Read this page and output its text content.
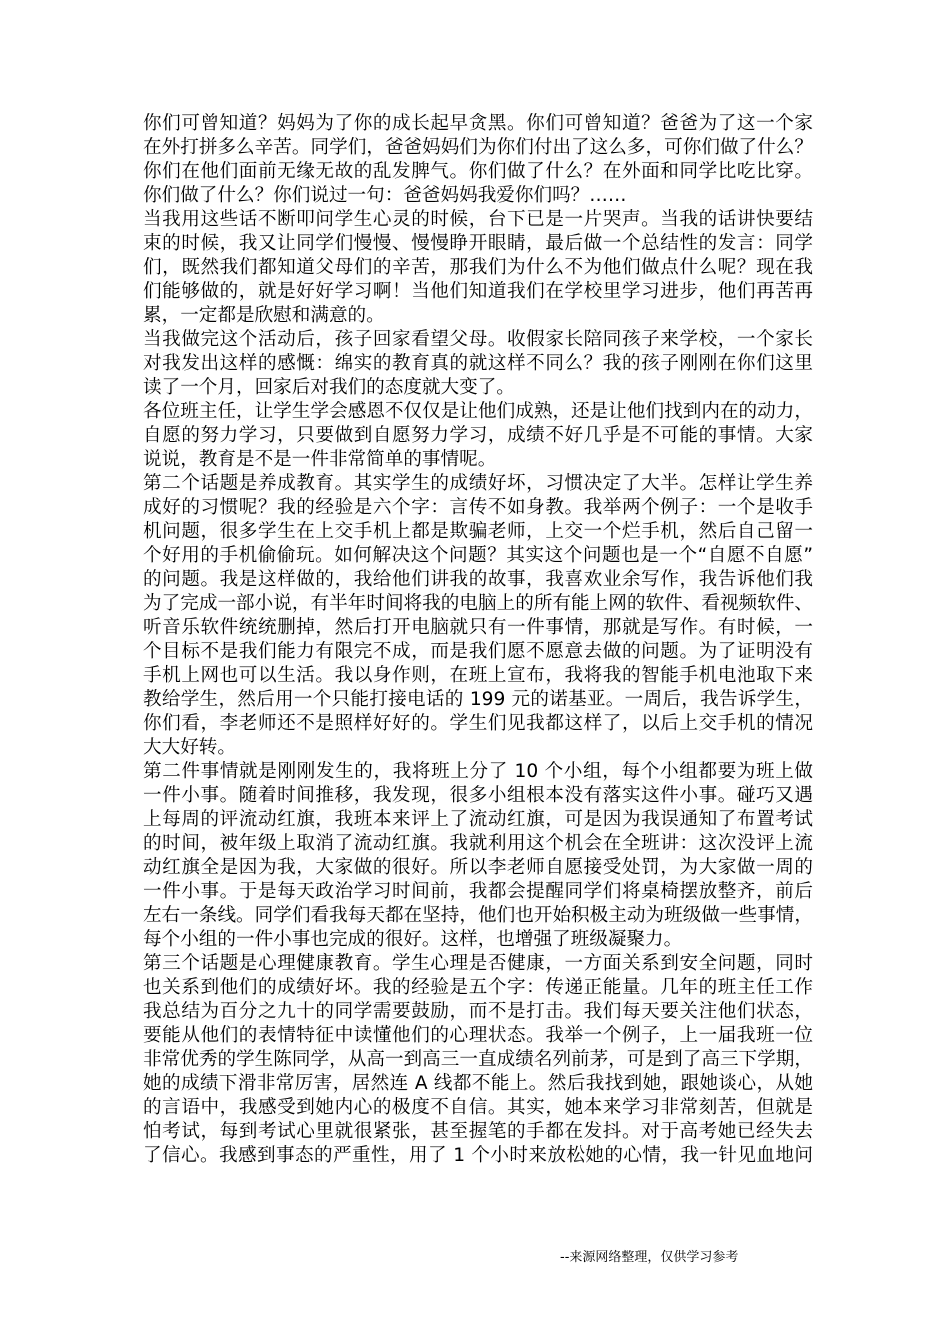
你们可曾知道？妈妈为了你的成长起早贪黑。你们可曾知道？爸爸为了这一个家
在外打拼多么辛苦。同学们，爸爸妈妈们为你们付出了这么多，可你们做了什么？
你们在他们面前无缘无故的乱发脾气。你们做了什么？在外面和同学比吃比穿。
你们做了什么？你们说过一句：爸爸妈妈我爱你们吗？……
当我用这些话不断叩问学生心灵的时候，台下已是一片哭声。当我的话讲快要结
束的时候，我又让同学们慢慢、慢慢睁开眼睛，最后做一个总结性的发言：同学
们，既然我们都知道父母们的辛苦，那我们为什么不为他们做点什么呢？现在我
们能够做的，就是好好学习啊！当他们知道我们在学校里学习进步，他们再苦再
累，一定都是欣慰和满意的。
当我做完这个活动后，孩子回家看望父母。收假家长陪同孩子来学校，一个家长
对我发出这样的感慨：绵实的教育真的就这样不同么？我的孩子刚刚在你们这里
读了一个月，回家后对我们的态度就大变了。
各位班主任，让学生学会感恩不仅仅是让他们成熟，还是让他们找到内在的动力，
自愿的努力学习，只要做到自愿努力学习，成绩不好几乎是不可能的事情。大家
说说，教育是不是一件非常简单的事情呢。
第二个话题是养成教育。其实学生的成绩好坏，习惯决定了大半。怎样让学生养
成好的习惯呢？我的经验是六个字：言传不如身教。我举两个例子：一个是收手
机问题，很多学生在上交手机上都是欺骗老师，上交一个烂手机，然后自己留一
个好用的手机偷偷玩。如何解决这个问题？其实这个问题也是一个“自愿不自愿”
的问题。我是这样做的，我给他们讲我的故事，我喜欢业余写作，我告诉他们我
为了完成一部小说，有半年时间将我的电脑上的所有能上网的软件、看视频软件、
听音乐软件统统删掉，然后打开电脑就只有一件事情，那就是写作。有时候，一
个目标不是我们能力有限完不成，而是我们愿不愿意去做的问题。为了证明没有
手机上网也可以生活。我以身作则，在班上宣布，我将我的智能手机电池取下来
教给学生，然后用一个只能打接电话的 199 元的诺基亚。一周后，我告诉学生，
你们看，李老师还不是照样好好的。学生们见我都这样了，以后上交手机的情况
大大好转。
第二件事情就是刚刚发生的，我将班上分了 10 个小组，每个小组都要为班上做
一件小事。随着时间推移，我发现，很多小组根本没有落实这件小事。碰巧又遇
上每周的评流动红旗，我班本来评上了流动红旗，可是因为我误通知了布置考试
的时间，被年级上取消了流动红旗。我就利用这个机会在全班讲：这次没评上流
动红旗全是因为我，大家做的很好。所以李老师自愿接受处罚，为大家做一周的
一件小事。于是每天政治学习时间前，我都会提醒同学们将桌椅摆放整齐，前后
左右一条线。同学们看我每天都在坚持，他们也开始积极主动为班级做一些事情，
每个小组的一件小事也完成的很好。这样，也增强了班级凝聚力。
第三个话题是心理健康教育。学生心理是否健康，一方面关系到安全问题，同时
也关系到他们的成绩好坏。我的经验是五个字：传递正能量。几年的班主任工作
我总结为百分之九十的同学需要鼓励，而不是打击。我们每天要关注他们状态，
要能从他们的表情特征中读懂他们的心理状态。我举一个例子，上一届我班一位
非常优秀的学生陈同学，从高一到高三一直成绩名列前茅，可是到了高三下学期，
她的成绩下滑非常厉害，居然连 A 线都不能上。然后我找到她，跟她谈心，从她
的言语中，我感受到她内心的极度不自信。其实，她本来学习非常刻苦，但就是
怕考试，每到考试心里就很紧张，甚至握笔的手都在发抖。对于高考她已经失去
了信心。我感到事态的严重性，用了 1 个小时来放松她的心情，我一针见血地问
--来源网络整理，仅供学习参考
